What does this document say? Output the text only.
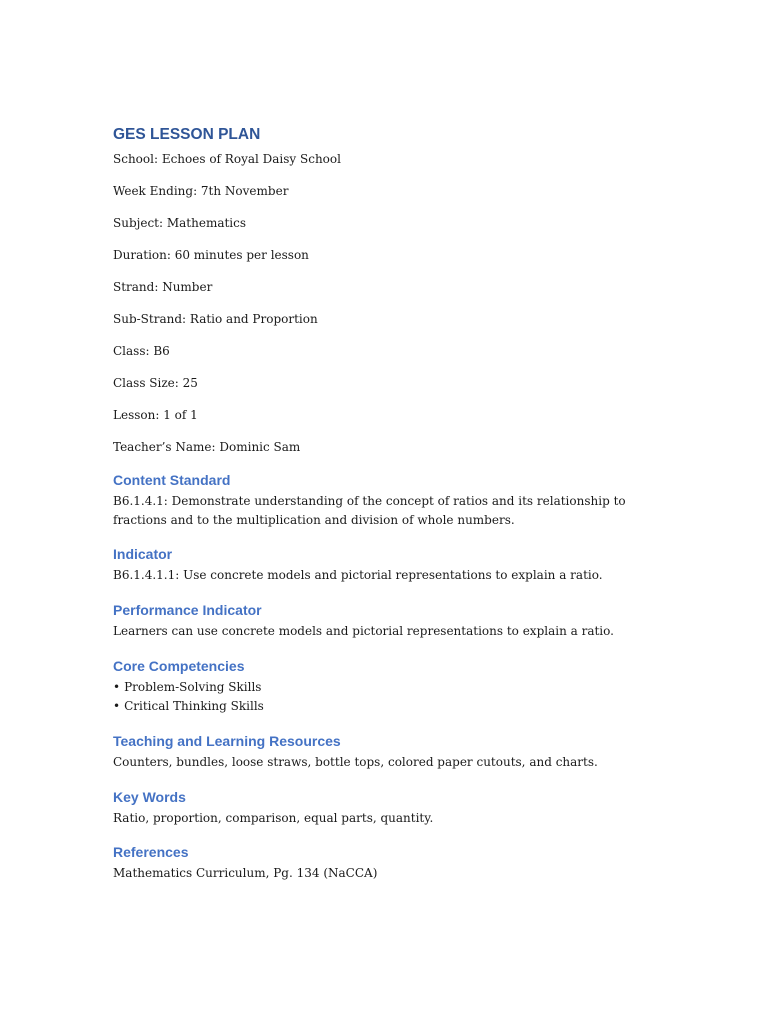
GES LESSON PLAN

School: Echoes of Royal Daisy School

Week Ending: 7th November

Subject: Mathematics

Duration: 60 minutes per lesson

Strand: Number

Sub-Strand: Ratio and Proportion

Class: B6

Class Size: 25

Lesson: 1 of 1

Teacher’s Name: Dominic Sam

Content Standard

B6.1.4.1: Demonstrate understanding of the concept of ratios and its relationship to fractions and to the multiplication and division of whole numbers.

Indicator

B6.1.4.1.1: Use concrete models and pictorial representations to explain a ratio.

Performance Indicator

Learners can use concrete models and pictorial representations to explain a ratio.

Core Competencies
• Problem-Solving Skills
• Critical Thinking Skills
Teaching and Learning Resources

Counters, bundles, loose straws, bottle tops, colored paper cutouts, and charts.

Key Words

Ratio, proportion, comparison, equal parts, quantity.

References

Mathematics Curriculum, Pg. 134 (NaCCA)
